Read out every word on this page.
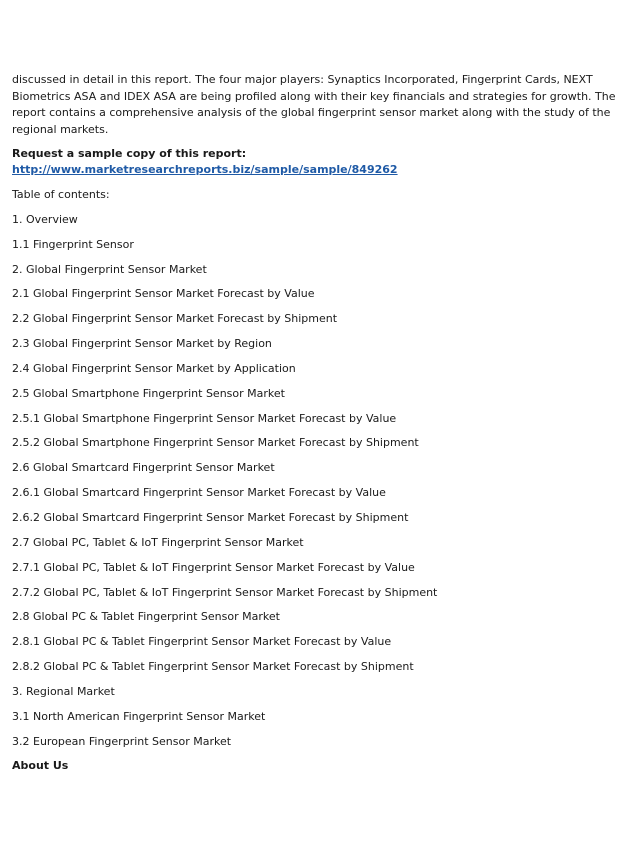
discussed in detail in this report. The four major players: Synaptics Incorporated, Fingerprint Cards, NEXT Biometrics ASA and IDEX ASA are being profiled along with their key financials and strategies for growth. The report contains a comprehensive analysis of the global fingerprint sensor market along with the study of the regional markets.

Request a sample copy of this report:
http://www.marketresearchreports.biz/sample/sample/849262
Table of contents:
1. Overview
1.1 Fingerprint Sensor
2. Global Fingerprint Sensor Market
2.1 Global Fingerprint Sensor Market Forecast by Value
2.2 Global Fingerprint Sensor Market Forecast by Shipment
2.3 Global Fingerprint Sensor Market by Region
2.4 Global Fingerprint Sensor Market by Application
2.5 Global Smartphone Fingerprint Sensor Market
2.5.1 Global Smartphone Fingerprint Sensor Market Forecast by Value
2.5.2 Global Smartphone Fingerprint Sensor Market Forecast by Shipment
2.6 Global Smartcard Fingerprint Sensor Market
2.6.1 Global Smartcard Fingerprint Sensor Market Forecast by Value
2.6.2 Global Smartcard Fingerprint Sensor Market Forecast by Shipment
2.7 Global PC, Tablet & IoT Fingerprint Sensor Market
2.7.1 Global PC, Tablet & IoT Fingerprint Sensor Market Forecast by Value
2.7.2 Global PC, Tablet & IoT Fingerprint Sensor Market Forecast by Shipment
2.8 Global PC & Tablet Fingerprint Sensor Market
2.8.1 Global PC & Tablet Fingerprint Sensor Market Forecast by Value
2.8.2 Global PC & Tablet Fingerprint Sensor Market Forecast by Shipment
3. Regional Market
3.1 North American Fingerprint Sensor Market
3.2 European Fingerprint Sensor Market
About Us
